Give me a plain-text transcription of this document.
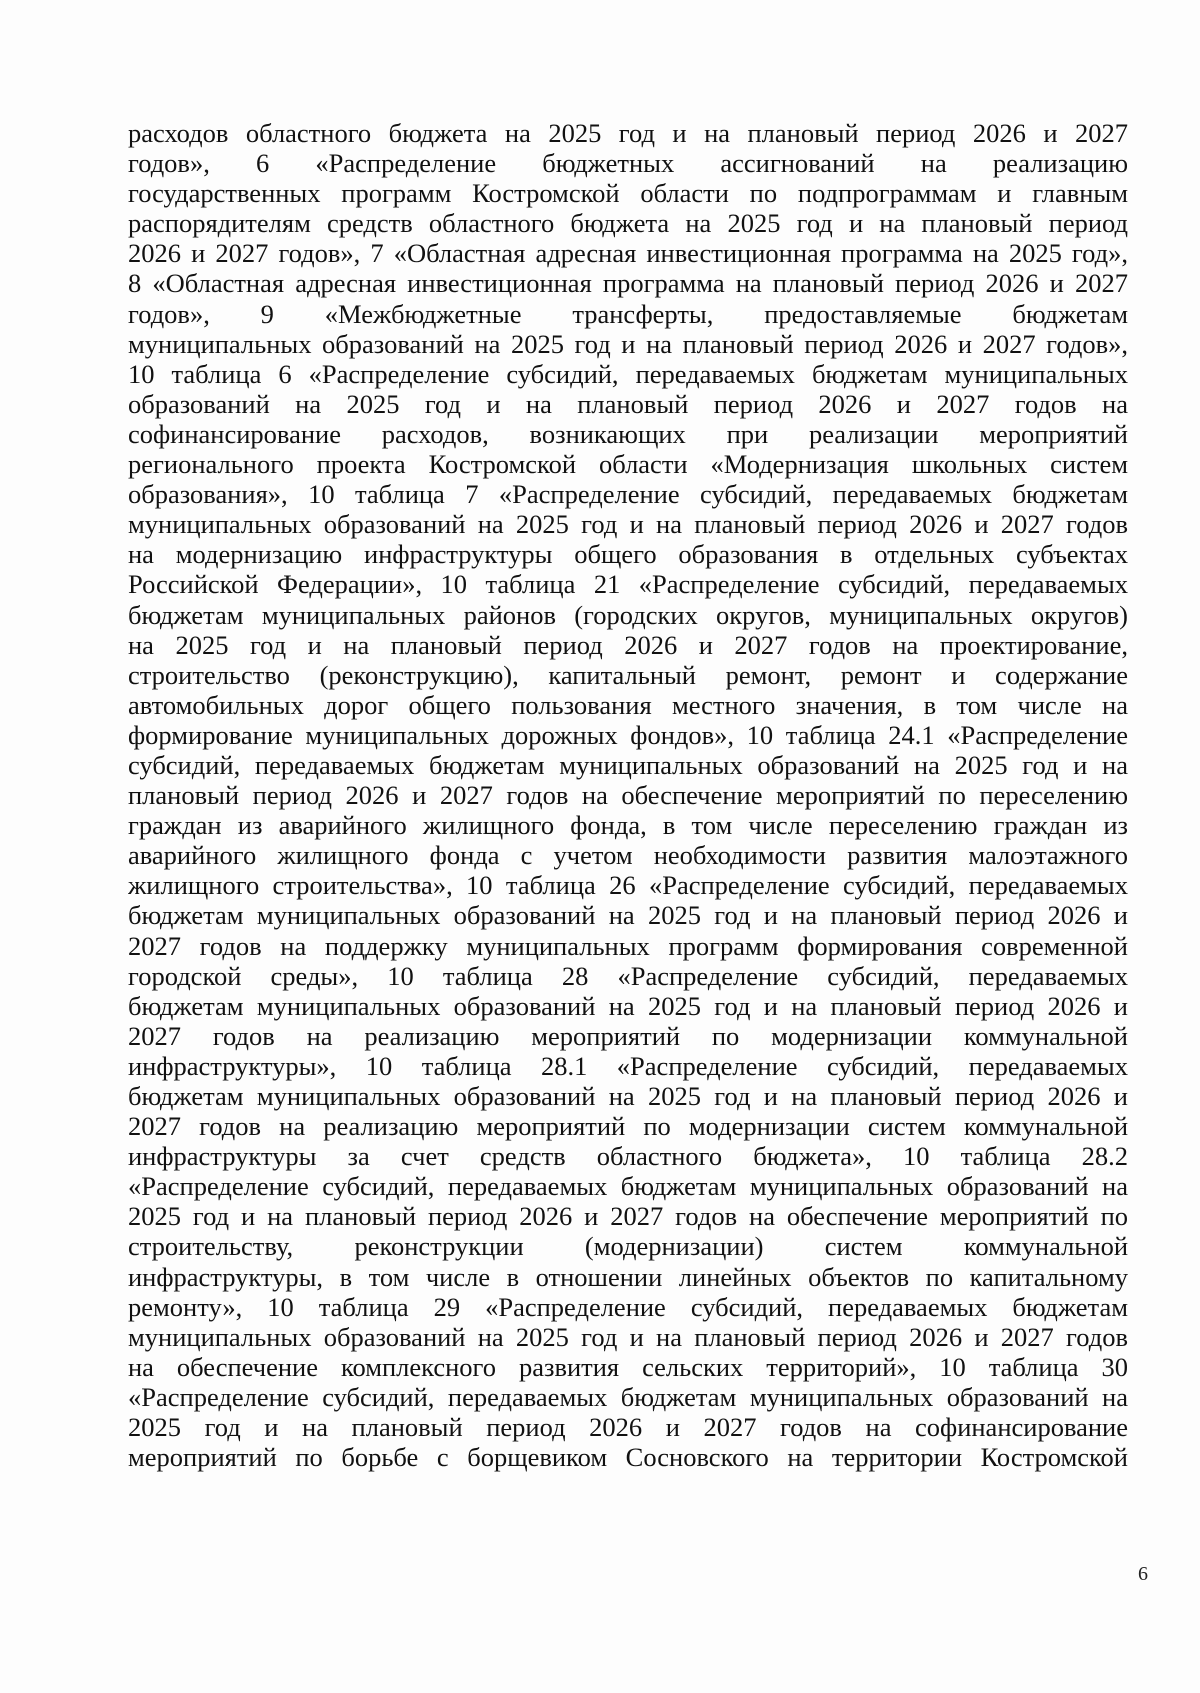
расходов областного бюджета на 2025 год и на плановый период 2026 и 2027
годов», 6 «Распределение бюджетных ассигнований на реализацию
государственных программ Костромской области по подпрограммам и главным
распорядителям средств областного бюджета на 2025 год и на плановый период
2026 и 2027 годов», 7 «Областная адресная инвестиционная программа на 2025 год»,
8 «Областная адресная инвестиционная программа на плановый период 2026 и 2027
годов», 9 «Межбюджетные трансферты, предоставляемые бюджетам
муниципальных образований на 2025 год и на плановый период 2026 и 2027 годов»,
10 таблица 6 «Распределение субсидий, передаваемых бюджетам муниципальных
образований на 2025 год и на плановый период 2026 и 2027 годов на
софинансирование расходов, возникающих при реализации мероприятий
регионального проекта Костромской области «Модернизация школьных систем
образования», 10 таблица 7 «Распределение субсидий, передаваемых бюджетам
муниципальных образований на 2025 год и на плановый период 2026 и 2027 годов
на модернизацию инфраструктуры общего образования в отдельных субъектах
Российской Федерации», 10 таблица 21 «Распределение субсидий, передаваемых
бюджетам муниципальных районов (городских округов, муниципальных округов)
на 2025 год и на плановый период 2026 и 2027 годов на проектирование,
строительство (реконструкцию), капитальный ремонт, ремонт и содержание
автомобильных дорог общего пользования местного значения, в том числе на
формирование муниципальных дорожных фондов», 10 таблица 24.1 «Распределение
субсидий, передаваемых бюджетам муниципальных образований на 2025 год и на
плановый период 2026 и 2027 годов на обеспечение мероприятий по переселению
граждан из аварийного жилищного фонда, в том числе переселению граждан из
аварийного жилищного фонда с учетом необходимости развития малоэтажного
жилищного строительства», 10 таблица 26 «Распределение субсидий, передаваемых
бюджетам муниципальных образований на 2025 год и на плановый период 2026 и
2027 годов на поддержку муниципальных программ формирования современной
городской среды», 10 таблица 28 «Распределение субсидий, передаваемых
бюджетам муниципальных образований на 2025 год и на плановый период 2026 и
2027 годов на реализацию мероприятий по модернизации коммунальной
инфраструктуры», 10 таблица 28.1 «Распределение субсидий, передаваемых
бюджетам муниципальных образований на 2025 год и на плановый период 2026 и
2027 годов на реализацию мероприятий по модернизации систем коммунальной
инфраструктуры за счет средств областного бюджета», 10 таблица 28.2
«Распределение субсидий, передаваемых бюджетам муниципальных образований на
2025 год и на плановый период 2026 и 2027 годов на обеспечение мероприятий по
строительству, реконструкции (модернизации) систем коммунальной
инфраструктуры, в том числе в отношении линейных объектов по капитальному
ремонту», 10 таблица 29 «Распределение субсидий, передаваемых бюджетам
муниципальных образований на 2025 год и на плановый период 2026 и 2027 годов
на обеспечение комплексного развития сельских территорий», 10 таблица 30
«Распределение субсидий, передаваемых бюджетам муниципальных образований на
2025 год и на плановый период 2026 и 2027 годов на софинансирование
мероприятий по борьбе с борщевиком Сосновского на территории Костромской
6
